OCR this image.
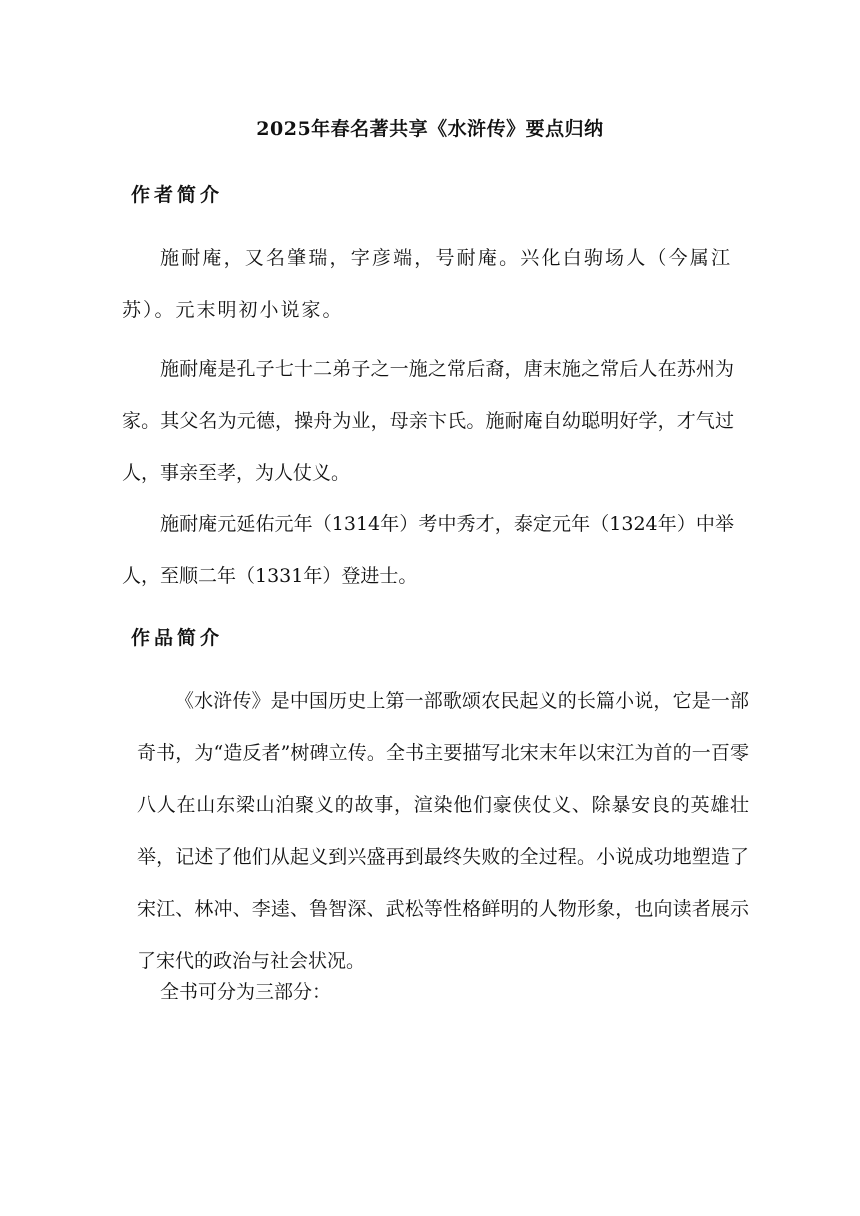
2025年春名著共享《水浒传》要点归纳
作者简介

施耐庵，又名肇瑞，字彦端，号耐庵。兴化白驹场人（今属江苏）。元末明初小说家。

施耐庵是孔子七十二弟子之一施之常后裔，唐末施之常后人在苏州为家。其父名为元德，操舟为业，母亲卞氏。施耐庵自幼聪明好学，才气过人，事亲至孝，为人仗义。

施耐庵元延佑元年（1314年）考中秀才，泰定元年（1324年）中举人，至顺二年（1331年）登进士。

作品简介

《水浒传》是中国历史上第一部歌颂农民起义的长篇小说，它是一部奇书，为“造反者”树碑立传。全书主要描写北宋末年以宋江为首的一百零八人在山东梁山泊聚义的故事，渲染他们豪侠仗义、除暴安良的英雄壮举，记述了他们从起义到兴盛再到最终失败的全过程。小说成功地塑造了宋江、林冲、李逵、鲁智深、武松等性格鲜明的人物形象，也向读者展示了宋代的政治与社会状况。

全书可分为三部分：
